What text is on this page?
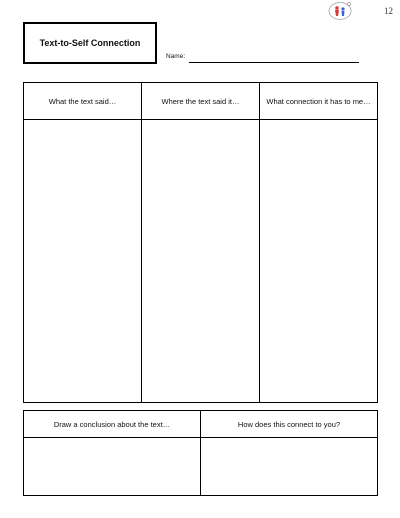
12
Text-to-Self Connection
Name:
What the text said…	Where the text said it…	What connection it has to me…

Draw a conclusion about the text…	How does this connect to you?
